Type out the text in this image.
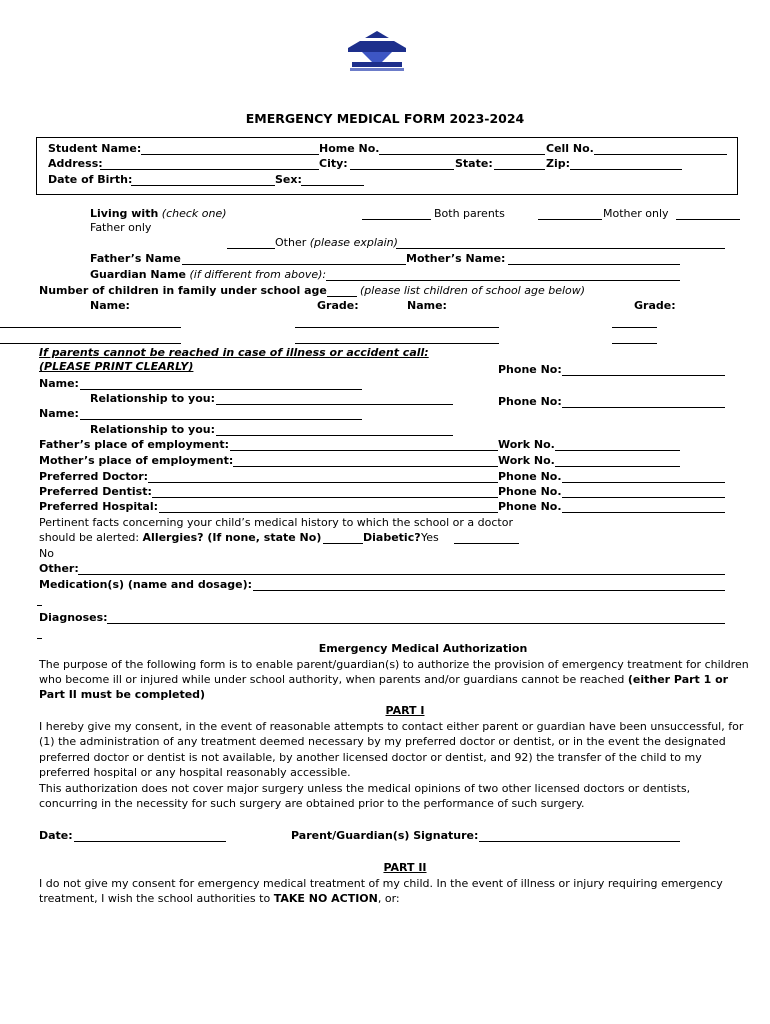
EMERGENCY MEDICAL FORM 2023-2024
Student Name:	Home No.	Cell No.
Address:	City:	State:	Zip:
Date of Birth:	Sex:
Living with (check one)	Both parents	Mother only
Father only
Other (please explain)
Father’s Name	Mother’s Name:
Guardian Name (if different from above):
Number of children in family under school age	(please list children of school age below)
Name:	Grade:	Name:	Grade:
If parents cannot be reached in case of illness or accident call:
(PLEASE PRINT CLEARLY)	Phone No:
Name:
Relationship to you:	Phone No:
Name:
Relationship to you:
Father’s place of employment:	Work No.
Mother’s place of employment:	Work No.
Preferred Doctor:	Phone No.
Preferred Dentist:	Phone No.
Preferred Hospital:	Phone No.
Pertinent facts concerning your child’s medical history to which the school or a doctor
should be alerted: Allergies? (If none, state No)	Diabetic? Yes
No
Other:
Medication(s) (name and dosage):
Diagnoses:
Emergency Medical Authorization
The purpose of the following form is to enable parent/guardian(s) to authorize the provision of emergency treatment for children
who become ill or injured while under school authority, when parents and/or guardians cannot be reached (either Part 1 or
Part II must be completed)
PART I
I hereby give my consent, in the event of reasonable attempts to contact either parent or guardian have been unsuccessful, for
(1) the administration of any treatment deemed necessary by my preferred doctor or dentist, or in the event the designated
preferred doctor or dentist is not available, by another licensed doctor or dentist, and 92) the transfer of the child to my
preferred hospital or any hospital reasonably accessible.
This authorization does not cover major surgery unless the medical opinions of two other licensed doctors or dentists,
concurring in the necessity for such surgery are obtained prior to the performance of such surgery.
Date:	Parent/Guardian(s) Signature:
PART II
I do not give my consent for emergency medical treatment of my child. In the event of illness or injury requiring emergency
treatment, I wish the school authorities to TAKE NO ACTION, or:
